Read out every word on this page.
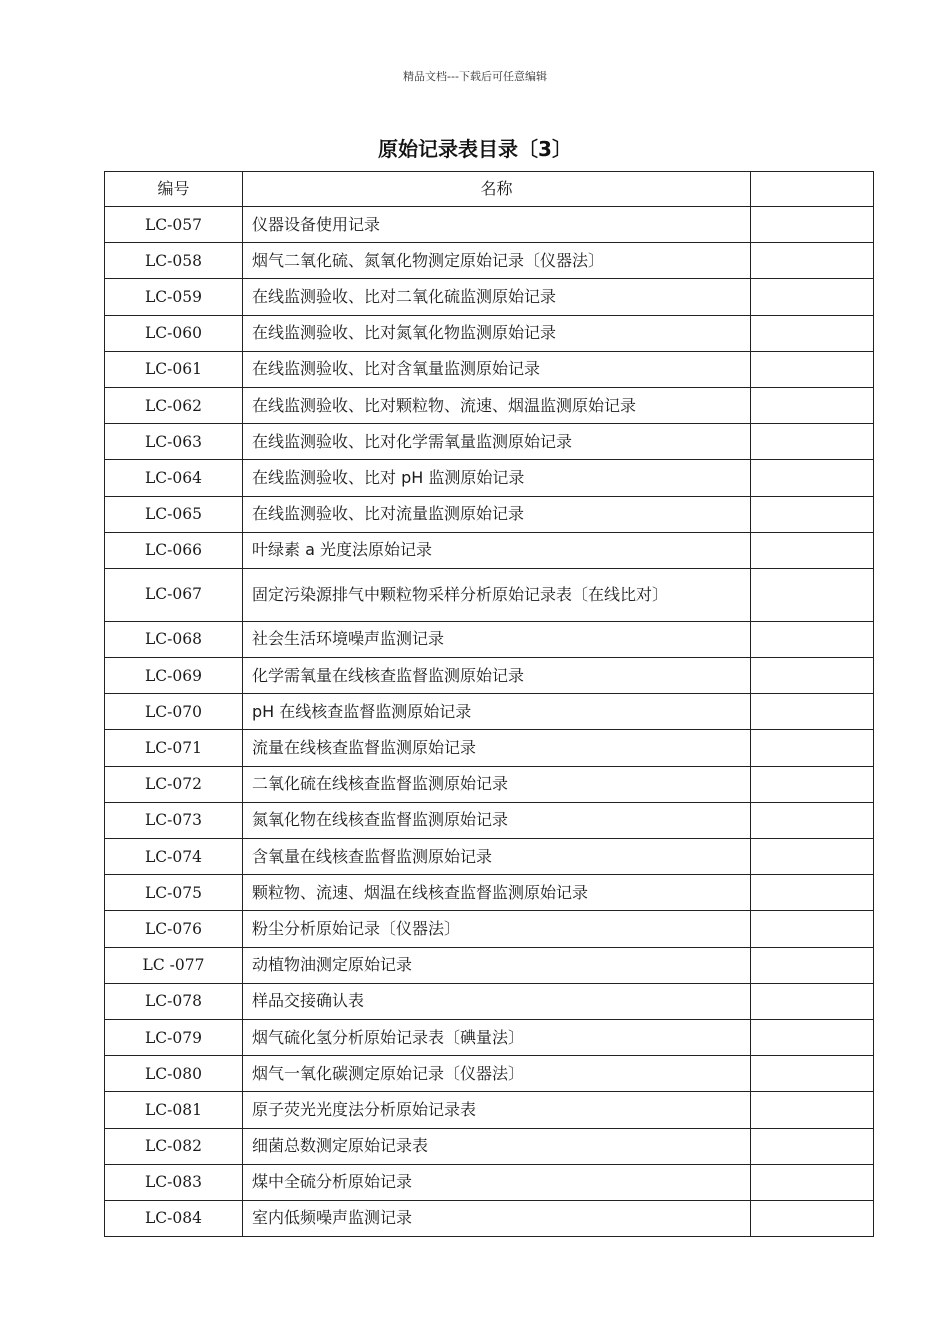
精品文档---下载后可任意编辑
原始记录表目录〔3〕
编号	名称	
LC-057	仪器设备使用记录	
LC-058	烟气二氧化硫、氮氧化物测定原始记录〔仪器法〕	
LC-059	在线监测验收、比对二氧化硫监测原始记录	
LC-060	在线监测验收、比对氮氧化物监测原始记录	
LC-061	在线监测验收、比对含氧量监测原始记录	
LC-062	在线监测验收、比对颗粒物、流速、烟温监测原始记录	
LC-063	在线监测验收、比对化学需氧量监测原始记录	
LC-064	在线监测验收、比对 pH 监测原始记录	
LC-065	在线监测验收、比对流量监测原始记录	
LC-066	叶绿素 a 光度法原始记录	
LC-067	固定污染源排气中颗粒物采样分析原始记录表〔在线比对〕	
LC-068	社会生活环境噪声监测记录	
LC-069	化学需氧量在线核查监督监测原始记录	
LC-070	pH 在线核查监督监测原始记录	
LC-071	流量在线核查监督监测原始记录	
LC-072	二氧化硫在线核查监督监测原始记录	
LC-073	氮氧化物在线核查监督监测原始记录	
LC-074	含氧量在线核查监督监测原始记录	
LC-075	颗粒物、流速、烟温在线核查监督监测原始记录	
LC-076	粉尘分析原始记录〔仪器法〕	
LC -077	动植物油测定原始记录	
LC-078	样品交接确认表	
LC-079	烟气硫化氢分析原始记录表〔碘量法〕	
LC-080	烟气一氧化碳测定原始记录〔仪器法〕	
LC-081	原子荧光光度法分析原始记录表	
LC-082	细菌总数测定原始记录表	
LC-083	煤中全硫分析原始记录	
LC-084	室内低频噪声监测记录	
